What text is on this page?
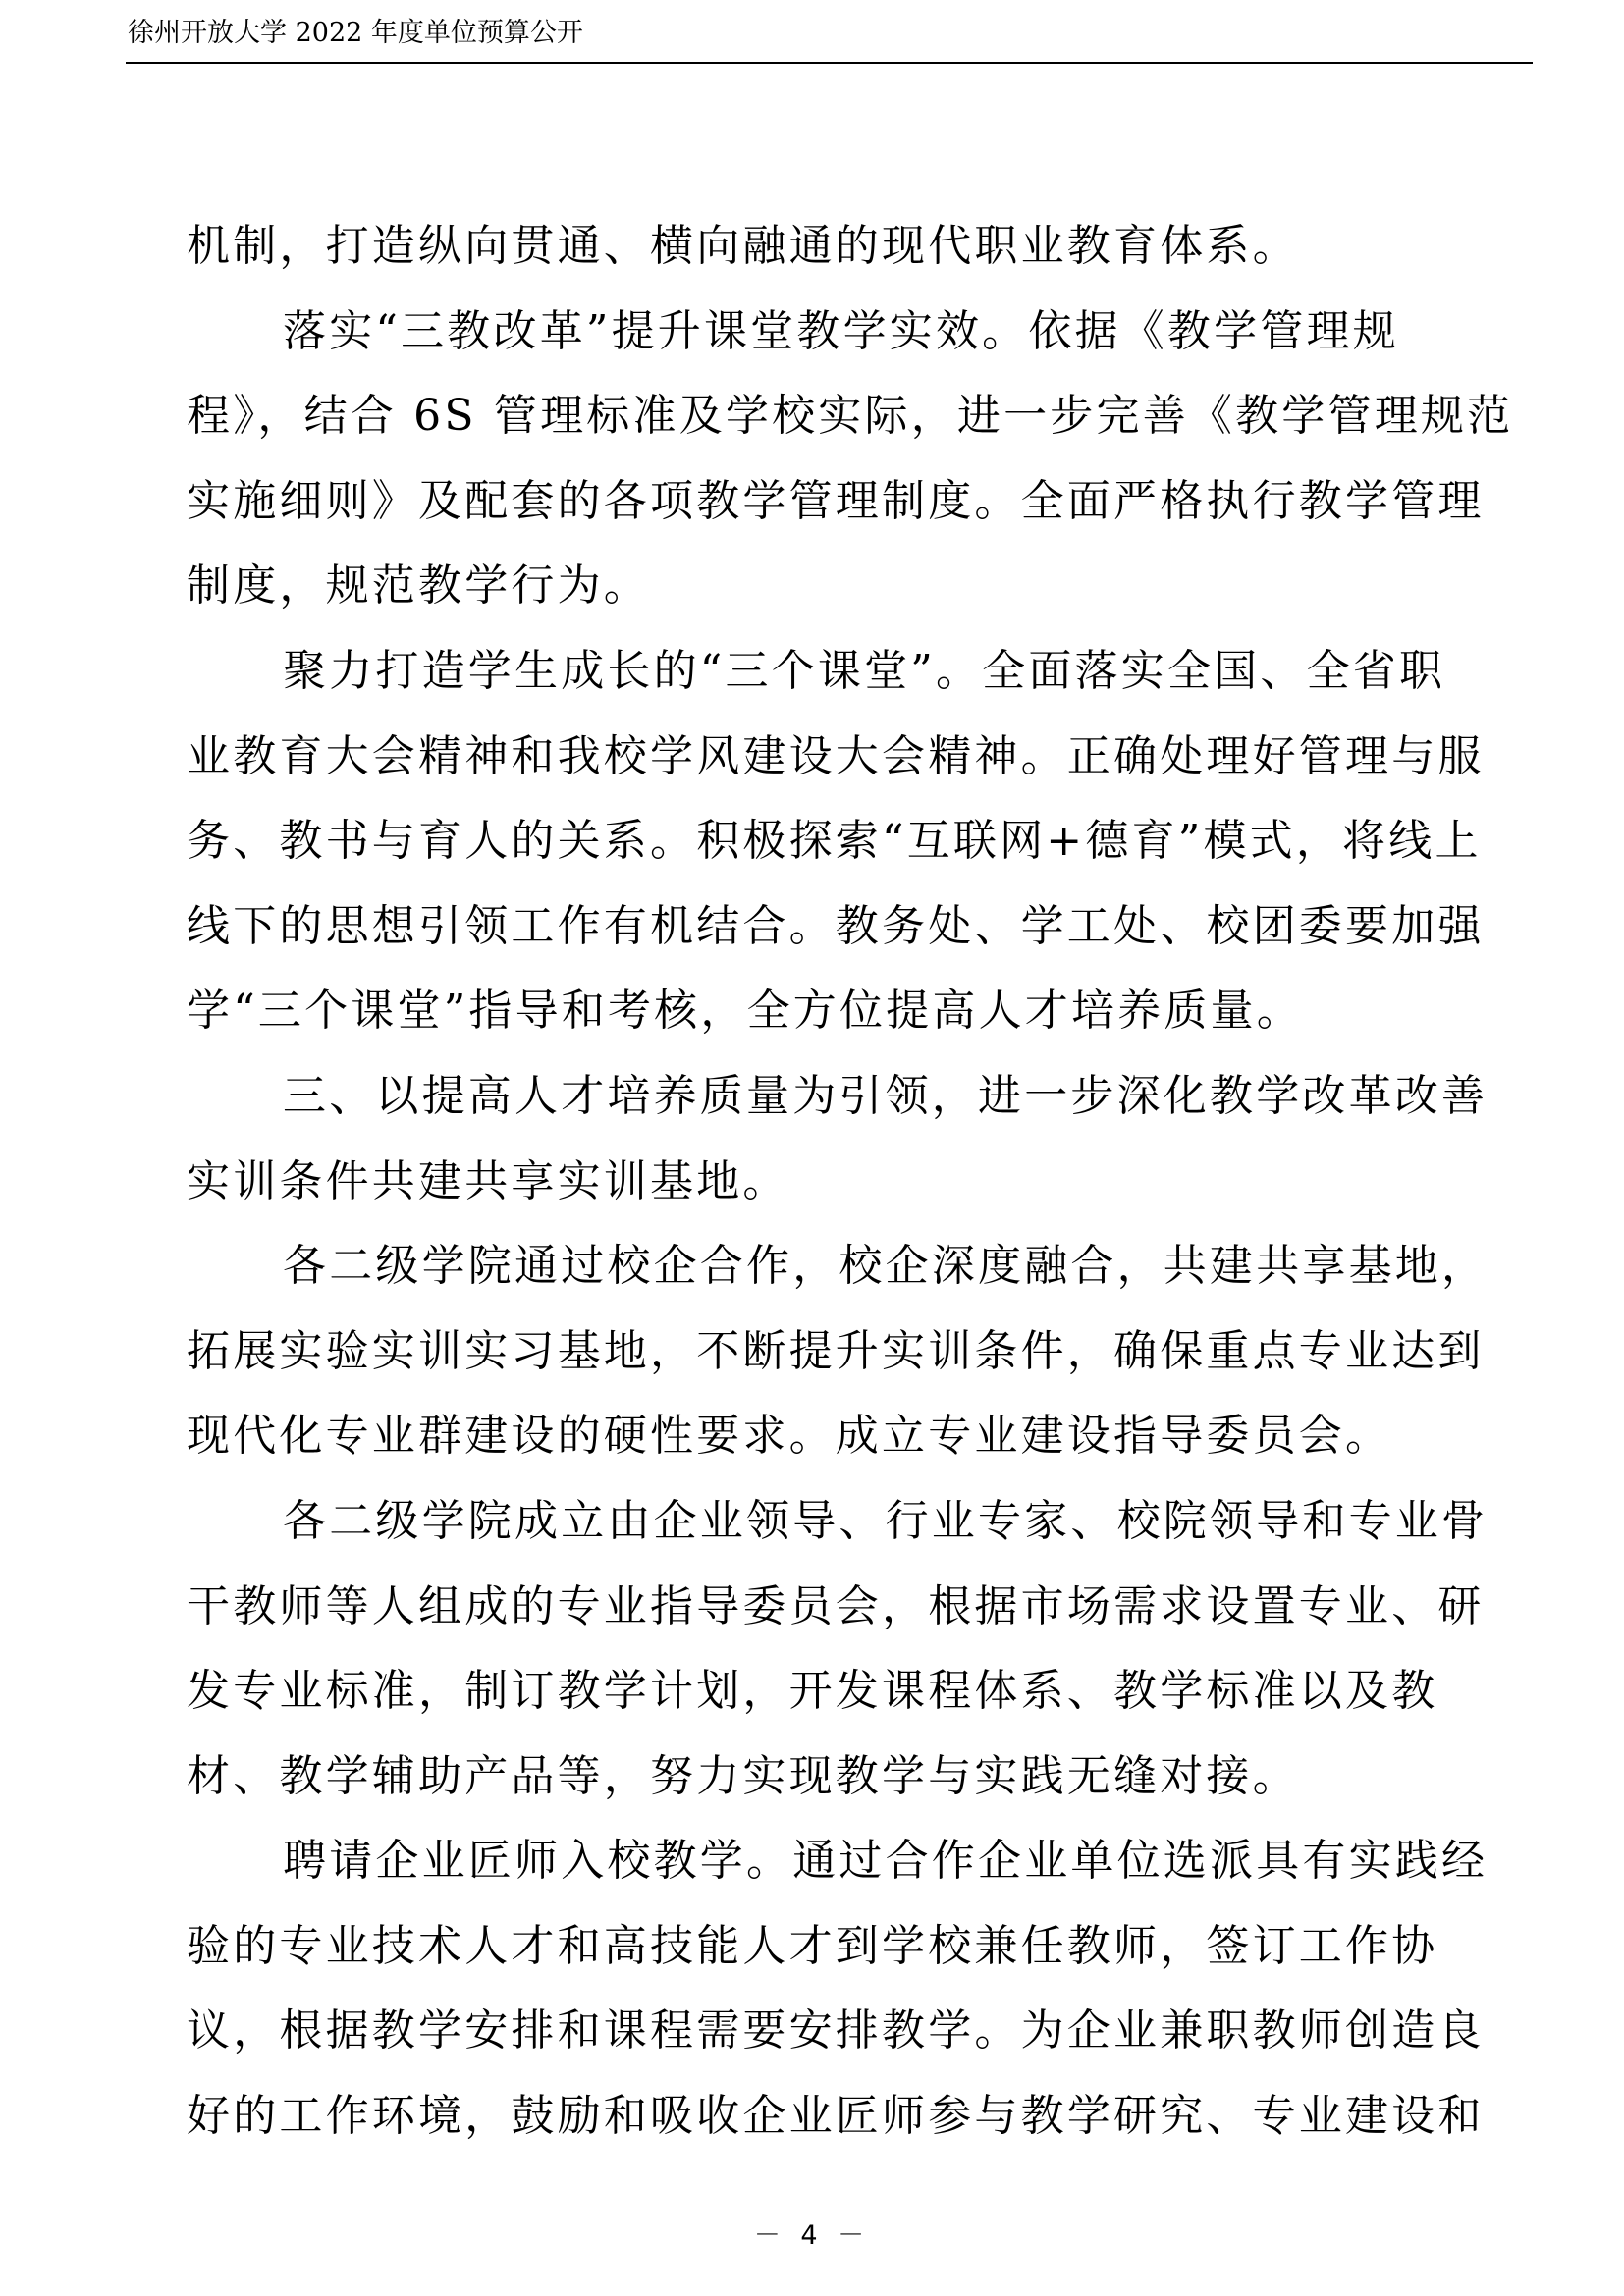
徐州开放大学 2022 年度单位预算公开
机制，打造纵向贯通、横向融通的现代职业教育体系。
落实“三教改革”提升课堂教学实效。依据《教学管理规
程》，结合 6S 管理标准及学校实际，进一步完善《教学管理规范
实施细则》及配套的各项教学管理制度。全面严格执行教学管理
制度，规范教学行为。
聚力打造学生成长的“三个课堂”。全面落实全国、全省职
业教育大会精神和我校学风建设大会精神。正确处理好管理与服
务、教书与育人的关系。积极探索“互联网+德育”模式，将线上
线下的思想引领工作有机结合。教务处、学工处、校团委要加强
学“三个课堂”指导和考核，全方位提高人才培养质量。
三、以提高人才培养质量为引领，进一步深化教学改革改善
实训条件共建共享实训基地。
各二级学院通过校企合作，校企深度融合，共建共享基地，
拓展实验实训实习基地，不断提升实训条件，确保重点专业达到
现代化专业群建设的硬性要求。成立专业建设指导委员会。
各二级学院成立由企业领导、行业专家、校院领导和专业骨
干教师等人组成的专业指导委员会，根据市场需求设置专业、研
发专业标准，制订教学计划，开发课程体系、教学标准以及教
材、教学辅助产品等，努力实现教学与实践无缝对接。
聘请企业匠师入校教学。通过合作企业单位选派具有实践经
验的专业技术人才和高技能人才到学校兼任教师，签订工作协
议，根据教学安排和课程需要安排教学。为企业兼职教师创造良
好的工作环境，鼓励和吸收企业匠师参与教学研究、专业建设和
－ 4 －
